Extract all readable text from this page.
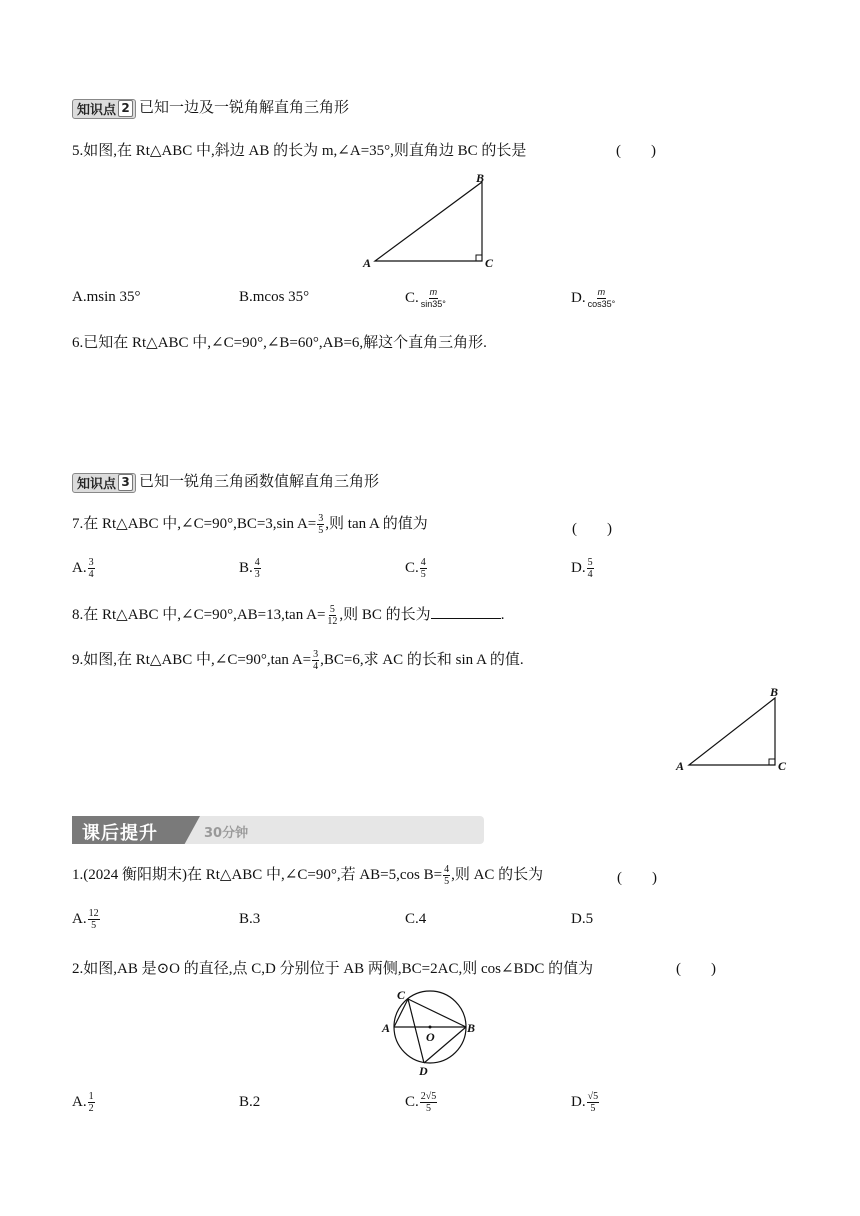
知识点 2 已知一边及一锐角解直角三角形
5.如图,在 Rt△ABC 中,斜边 AB 的长为 m,∠A=35°,则直角边 BC 的长是	(　　)
A
B
C
A.msin 35°	B.mcos 35°	C. $\frac{m}{\sin 35^\circ}$	D. $\frac{m}{\cos 35^\circ}$
6.已知在 Rt△ABC 中,∠C=90°,∠B=60°,AB=6,解这个直角三角形.
知识点 3 已知一锐角三角函数值解直角三角形
7.在 Rt△ABC 中,∠C=90°,BC=3,sin $A= \frac{3}{5}$ ,则 tan A 的值为	(　　)
A. $\frac{3}{4}$	B. $\frac{4}{3}$	C. $\frac{4}{5}$	D. $\frac{5}{4}$
8.在 Rt△ABC 中,∠C=90°,AB=13,tan $A= \frac{5}{12}$ ,则 BC 的长为	.
9.如图,在 Rt△ABC 中,∠C=90°,tan $A= \frac{3}{4} ,BC=6$,求 AC 的长和 sin A 的值.
A
B
C
课后提升	30分钟
1.(2024 衡阳期末)在 Rt△ABC 中,∠C=90°,若 AB=5,cos $B= \frac{4}{5}$ ,则 AC 的长为	(　　)
A. $\frac{12}{5}$	B.3	C.4	D.5
2.如图,AB 是⊙O 的直径,点 C,D 分别位于 AB 两侧,BC=2AC,则 cos∠BDC 的值为	(　　)
A	B
C
D
O
A. $\frac{1}{2}$	B.2	C. $\frac{2√5}{5}$	D. $\frac{√5}{5}$
